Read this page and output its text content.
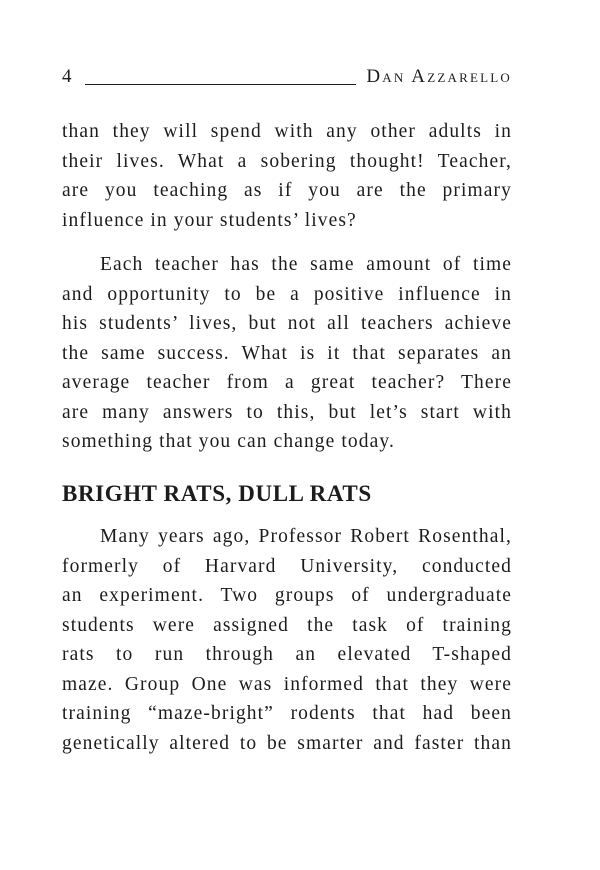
4	Dan Azzarello

than they will spend with any other adults in
their lives. What a sobering thought! Teacher,
are you teaching as if you are the primary
influence in your students’ lives?

Each teacher has the same amount of time
and opportunity to be a positive influence in
his students’ lives, but not all teachers achieve
the same success. What is it that separates an
average teacher from a great teacher? There
are many answers to this, but let’s start with
something that you can change today.

BRIGHT RATS, DULL RATS

Many years ago, Professor Robert Rosenthal,
formerly of Harvard University, conducted
an experiment. Two groups of undergraduate
students were assigned the task of training
rats to run through an elevated T-shaped
maze. Group One was informed that they were
training “maze-bright” rodents that had been
genetically altered to be smarter and faster than
